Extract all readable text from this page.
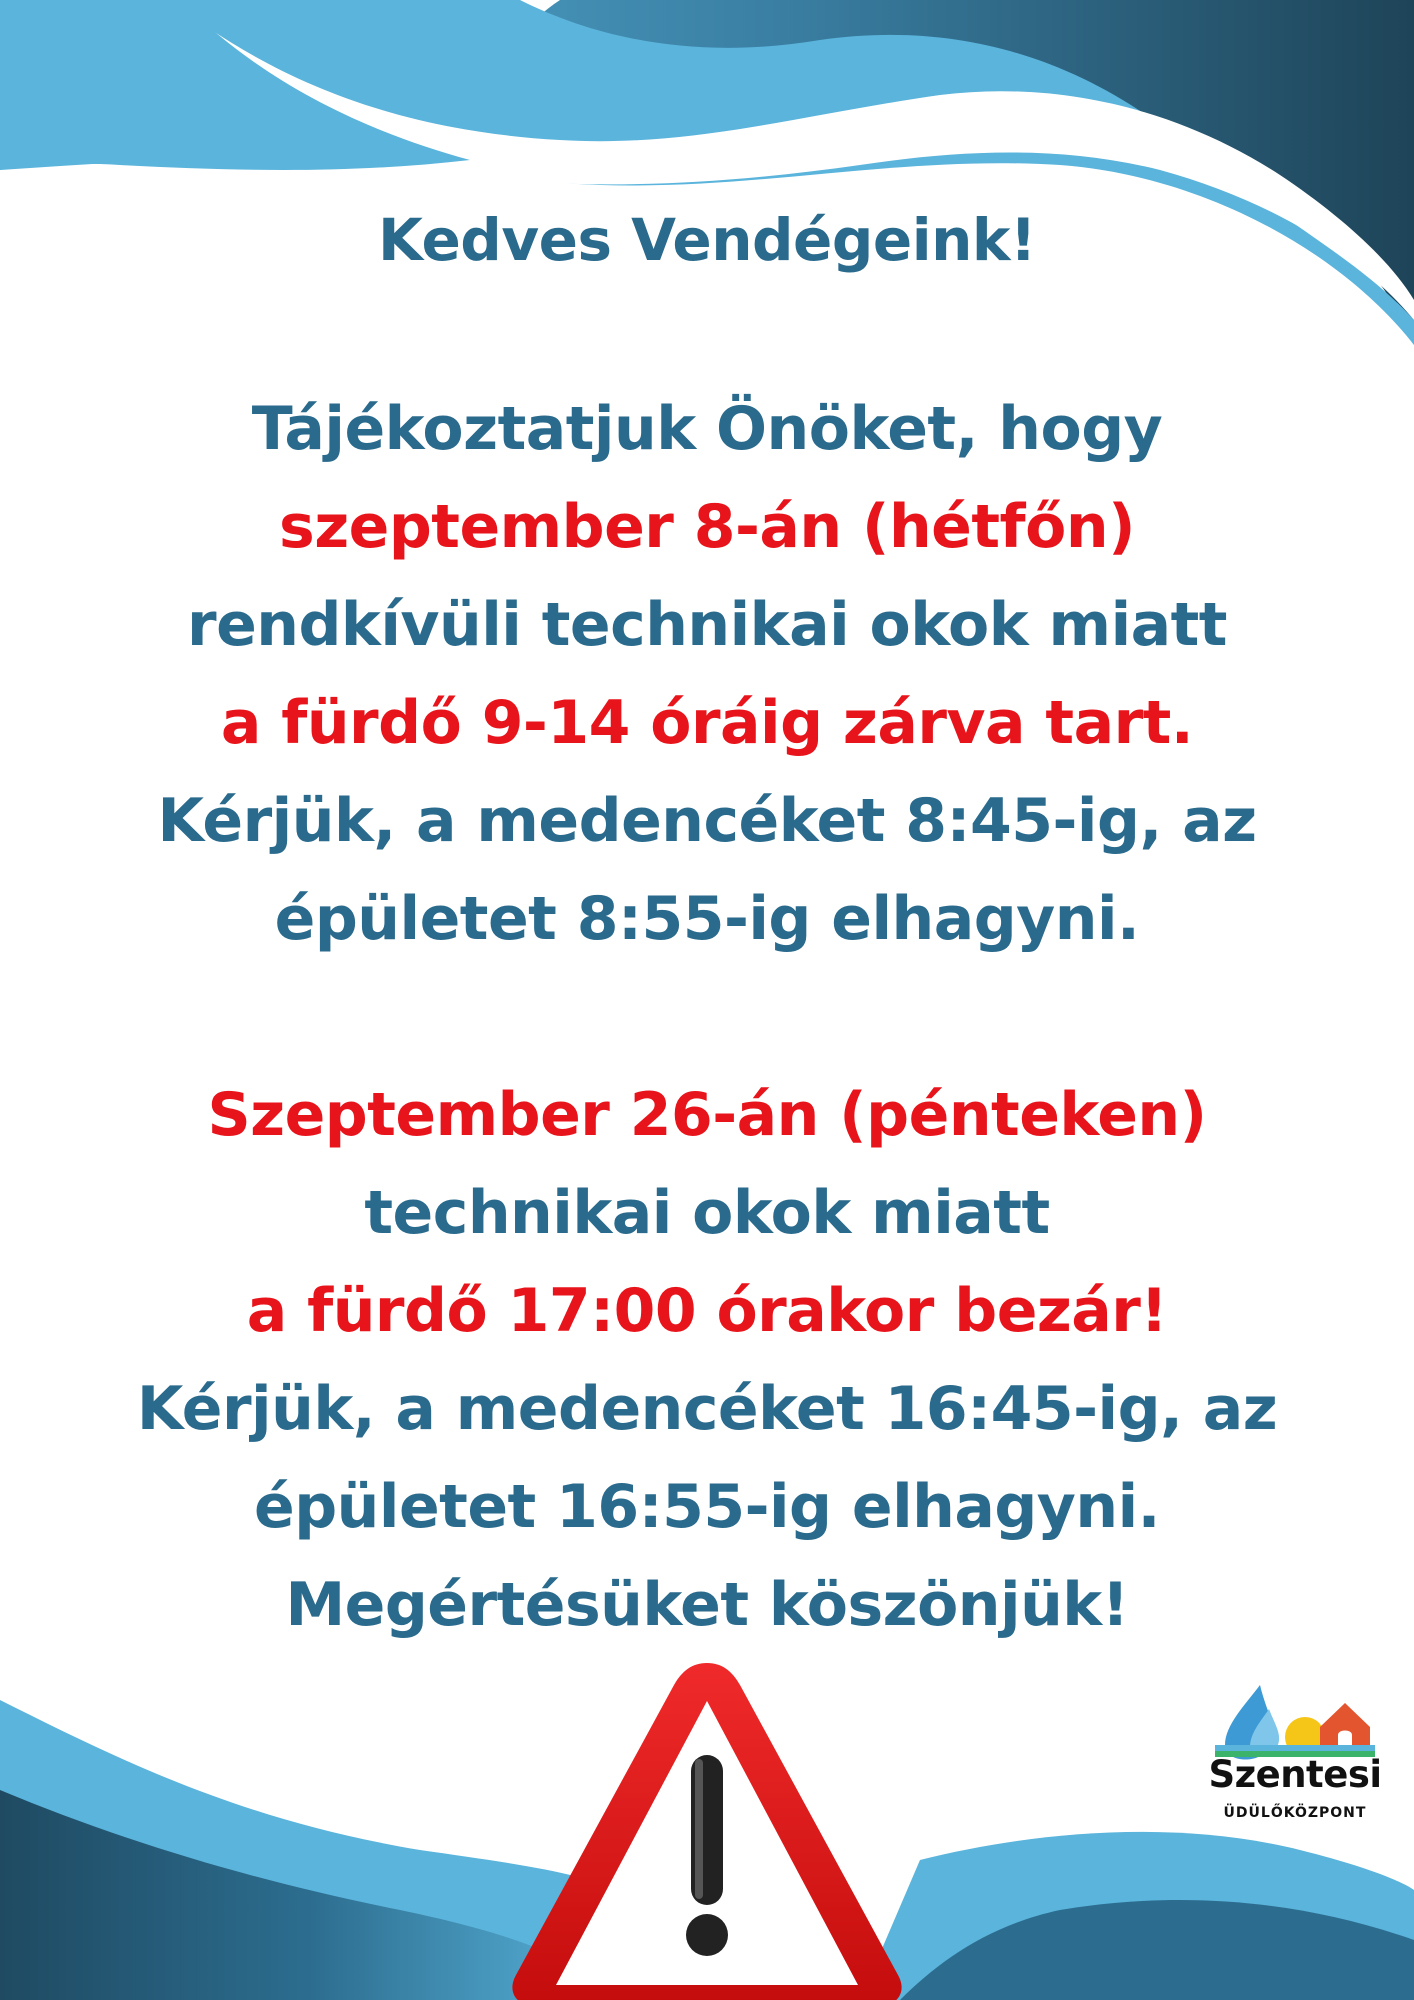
Kedves Vendégeink!
Tájékoztatjuk Önöket, hogy
szeptember 8-án (hétfőn)
rendkívüli technikai okok miatt
a fürdő 9-14 óráig zárva tart.
Kérjük, a medencéket 8:45-ig, az
épületet 8:55-ig elhagyni.
Szeptember 26-án (pénteken)
technikai okok miatt
a fürdő 17:00 órakor bezár!
Kérjük, a medencéket 16:45-ig, az
épületet 16:55-ig elhagyni.
Megértésüket köszönjük!
Szentesi
ÜDÜLŐKÖZPONT
